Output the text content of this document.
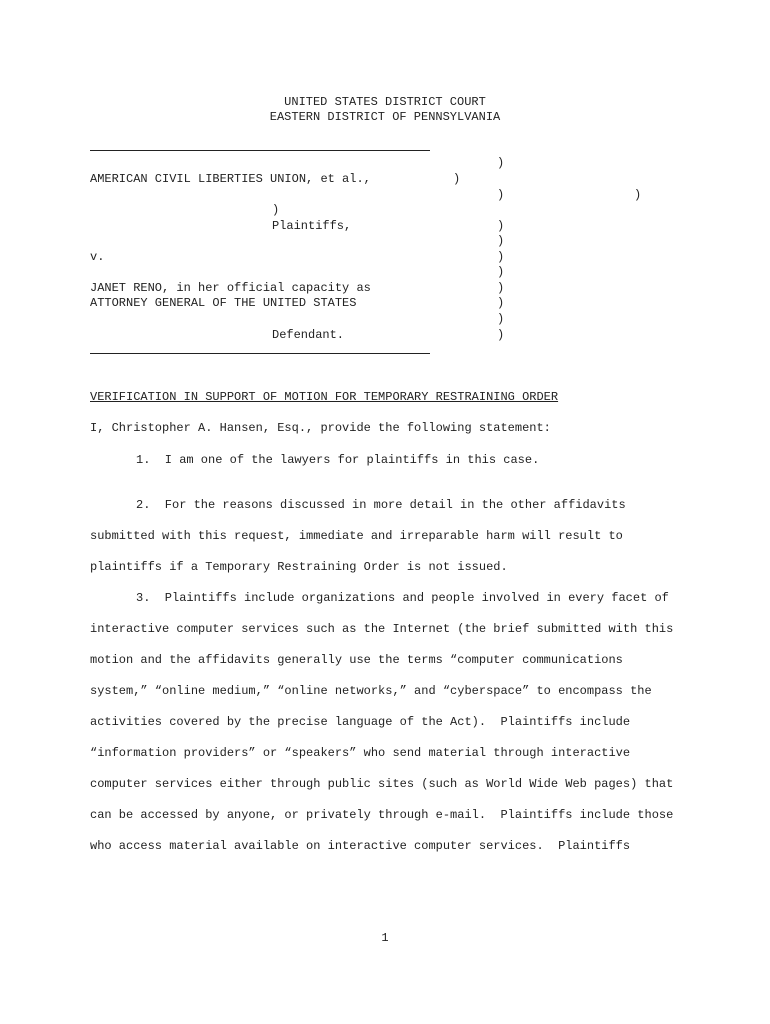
UNITED STATES DISTRICT COURT
EASTERN DISTRICT OF PENNSYLVANIA
)
AMERICAN CIVIL LIBERTIES UNION, et al.,	)
)	)
)
Plaintiffs,	)
)
v.	)
)
JANET RENO, in her official capacity as	)
ATTORNEY GENERAL OF THE UNITED STATES	)
)
Defendant.	)
VERIFICATION IN SUPPORT OF MOTION FOR TEMPORARY RESTRAINING ORDER
I, Christopher A. Hansen, Esq., provide the following statement:
1.  I am one of the lawyers for plaintiffs in this case.
2.  For the reasons discussed in more detail in the other affidavits
submitted with this request, immediate and irreparable harm will result to
plaintiffs if a Temporary Restraining Order is not issued.
3.  Plaintiffs include organizations and people involved in every facet of
interactive computer services such as the Internet (the brief submitted with this
motion and the affidavits generally use the terms “computer communications
system,” “online medium,” “online networks,” and “cyberspace” to encompass the
activities covered by the precise language of the Act).  Plaintiffs include
“information providers” or “speakers” who send material through interactive
computer services either through public sites (such as World Wide Web pages) that
can be accessed by anyone, or privately through e-mail.  Plaintiffs include those
who access material available on interactive computer services.  Plaintiffs
1
